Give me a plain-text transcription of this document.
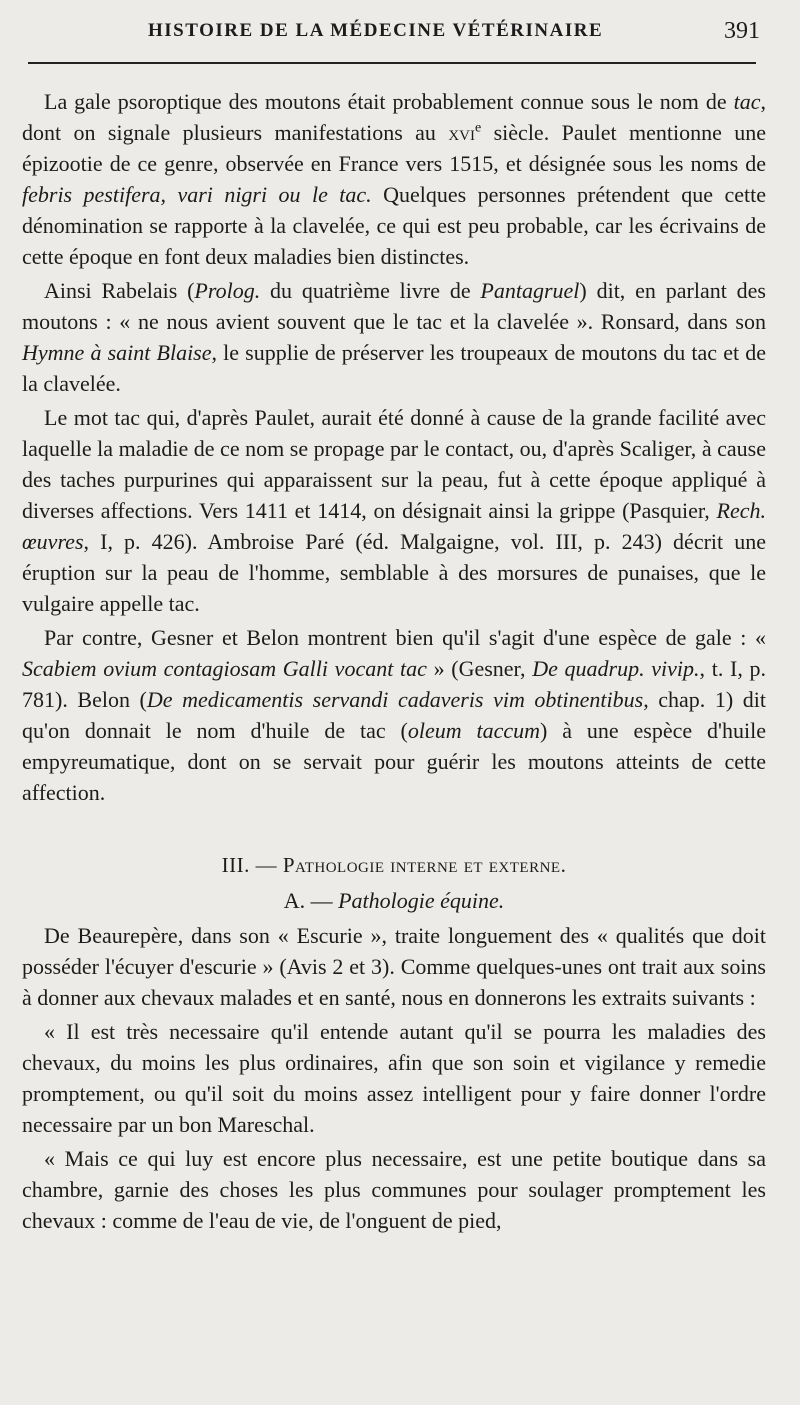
HISTOIRE DE LA MÉDECINE VÉTÉRINAIRE	391

La gale psoroptique des moutons était probablement connue sous le nom de tac, dont on signale plusieurs manifestations au xvi$^e$ siècle. Paulet mentionne une épizootie de ce genre, observée en France vers 1515, et désignée sous les noms de febris pestifera, vari nigri ou le tac. Quelques personnes prétendent que cette dénomination se rapporte à la clavelée, ce qui est peu probable, car les écrivains de cette époque en font deux maladies bien distinctes.

Ainsi Rabelais (Prolog. du quatrième livre de Pantagruel) dit, en parlant des moutons : « ne nous avient souvent que le tac et la clavelée ». Ronsard, dans son Hymne à saint Blaise, le supplie de préserver les troupeaux de moutons du tac et de la clavelée.

Le mot tac qui, d'après Paulet, aurait été donné à cause de la grande facilité avec laquelle la maladie de ce nom se propage par le contact, ou, d'après Scaliger, à cause des taches purpurines qui apparaissent sur la peau, fut à cette époque appliqué à diverses affections. Vers 1411 et 1414, on désignait ainsi la grippe (Pasquier, Rech. œuvres, I, p. 426). Ambroise Paré (éd. Malgaigne, vol. III, p. 243) décrit une éruption sur la peau de l'homme, semblable à des morsures de punaises, que le vulgaire appelle tac.

Par contre, Gesner et Belon montrent bien qu'il s'agit d'une espèce de gale : « Scabiem ovium contagiosam Galli vocant tac » (Gesner, De quadrup. vivip., t. I, p. 781). Belon (De medicamentis servandi cadaveris vim obtinentibus, chap. 1) dit qu'on donnait le nom d'huile de tac (oleum taccum) à une espèce d'huile empyreumatique, dont on se servait pour guérir les moutons atteints de cette affection.

III. — Pathologie interne et externe.

A. — Pathologie équine.

De Beaurepère, dans son « Escurie », traite longuement des « qualités que doit posséder l'écuyer d'escurie » (Avis 2 et 3). Comme quelques-unes ont trait aux soins à donner aux chevaux malades et en santé, nous en donnerons les extraits suivants :

« Il est très necessaire qu'il entende autant qu'il se pourra les maladies des chevaux, du moins les plus ordinaires, afin que son soin et vigilance y remedie promptement, ou qu'il soit du moins assez intelligent pour y faire donner l'ordre necessaire par un bon Mareschal.

« Mais ce qui luy est encore plus necessaire, est une petite boutique dans sa chambre, garnie des choses les plus communes pour soulager promptement les chevaux : comme de l'eau de vie, de l'onguent de pied,
